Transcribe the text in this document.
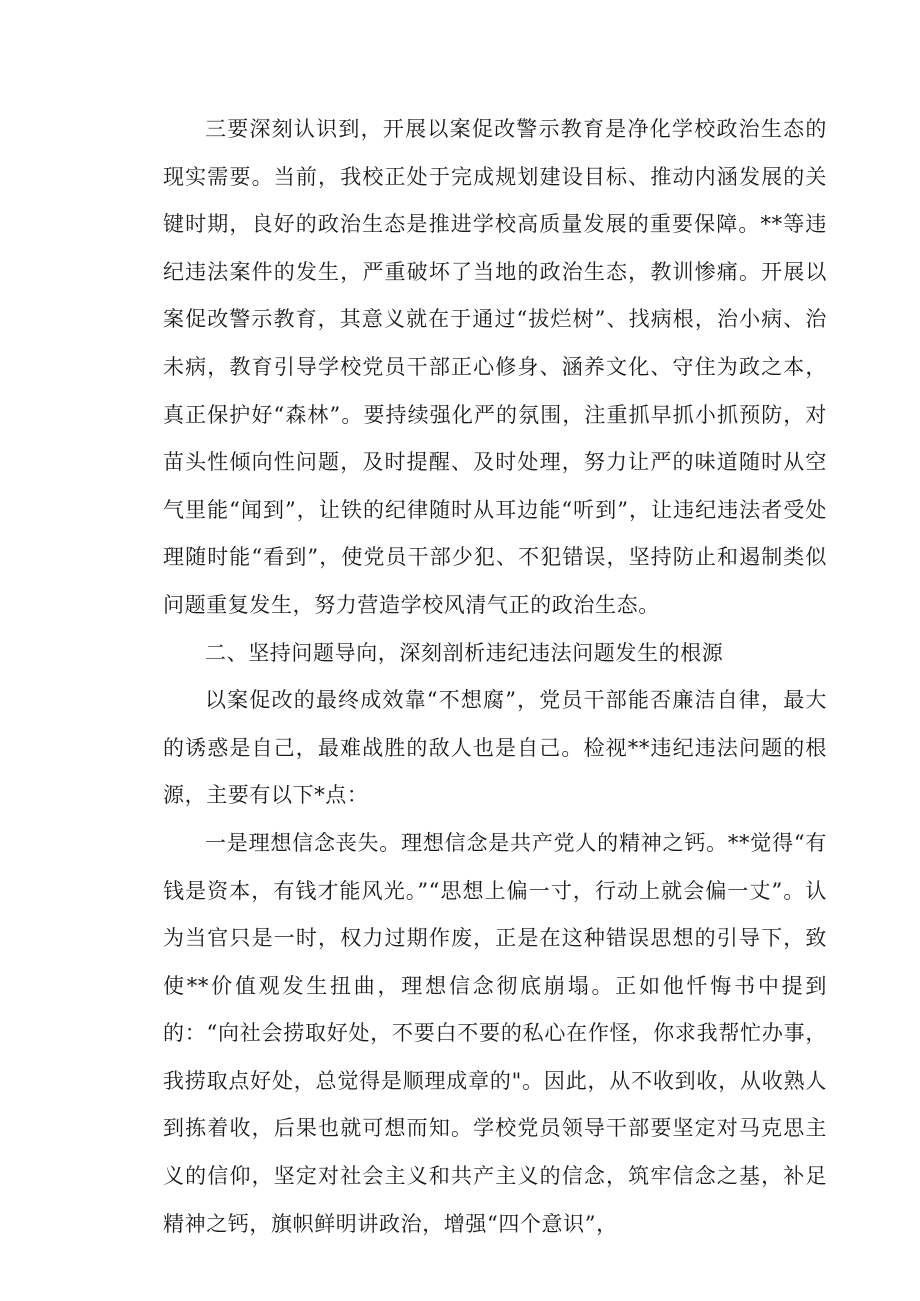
三要深刻认识到，开展以案促改警示教育是净化学校政治生态的现实需要。当前，我校正处于完成规划建设目标、推动内涵发展的关键时期，良好的政治生态是推进学校高质量发展的重要保障。**等违纪违法案件的发生，严重破坏了当地的政治生态，教训惨痛。开展以案促改警示教育，其意义就在于通过“拔烂树”、找病根，治小病、治未病，教育引导学校党员干部正心修身、涵养文化、守住为政之本，真正保护好“森林”。要持续强化严的氛围，注重抓早抓小抓预防，对苗头性倾向性问题，及时提醒、及时处理，努力让严的味道随时从空气里能“闻到”，让铁的纪律随时从耳边能“听到”，让违纪违法者受处理随时能“看到”，使党员干部少犯、不犯错误，坚持防止和遏制类似问题重复发生，努力营造学校风清气正的政治生态。

二、坚持问题导向，深刻剖析违纪违法问题发生的根源

以案促改的最终成效靠“不想腐”，党员干部能否廉洁自律，最大的诱惑是自己，最难战胜的敌人也是自己。检视**违纪违法问题的根源，主要有以下*点：

一是理想信念丧失。理想信念是共产党人的精神之钙。**觉得“有钱是资本，有钱才能风光。”“思想上偏一寸，行动上就会偏一丈”。认为当官只是一时，权力过期作废，正是在这种错误思想的引导下，致使**价值观发生扭曲，理想信念彻底崩塌。正如他忏悔书中提到的：“向社会捞取好处，不要白不要的私心在作怪，你求我帮忙办事，我捞取点好处，总觉得是顺理成章的"。因此，从不收到收，从收熟人到拣着收，后果也就可想而知。学校党员领导干部要坚定对马克思主义的信仰，坚定对社会主义和共产主义的信念，筑牢信念之基，补足精神之钙，旗帜鲜明讲政治，增强“四个意识”，
